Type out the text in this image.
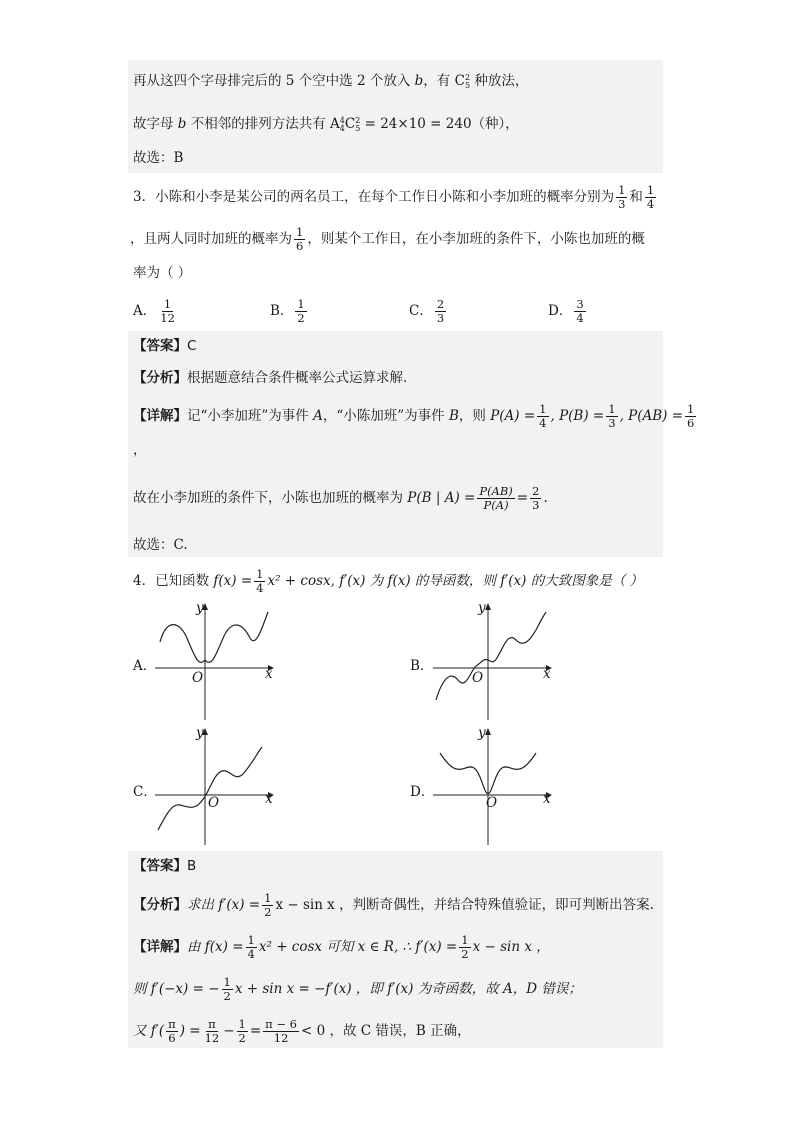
再从这四个字母排完后的 5 个空中选 2 个放入 b，有 C 2
5 种放法，
故字母 b 不相邻的排列方法共有 A 4
4 C 2
5 = 24×10 = 240（种），
故选：B
3．小陈和小李是某公司的两名员工，在每个工作日小陈和小李加班的概率分别为 $\frac{1}{3}$ 和 $\frac{1}{4}$
，且两人同时加班的概率为 $\frac{1}{6}$ ，则某个工作日，在小李加班的条件下，小陈也加班的概
率为（ ）
A． $\frac{1}{12}$	B． $\frac{1}{2}$	C． $\frac{2}{3}$	D． $\frac{3}{4}$
【答案】C
【分析】根据题意结合条件概率公式运算求解.
【详解】记“小李加班”为事件 A，“小陈加班”为事件 B，则 $P(A) = \frac{1}{4}$ , $P(B) = \frac{1}{3}$ , $P(AB) = \frac{1}{6}$
，
故在小李加班的条件下，小陈也加班的概率为 P(B | $A) = \frac{P(AB)}{P(A)} = \frac{2}{3}$ .
故选：C.
4．已知函数 $f(x) = \frac{1}{4} x^2 + \cos x$, f′(x) 为 f(x) 的导函数，则 f′(x) 的大致图象是（ ）
A．
y
x
O
B．
y
x
O
C．
y
x
O
D．
y
x
O
【答案】B
【分析】求出 $f'(x) = \frac{1}{2}$ x − sin x ，判断奇偶性，并结合特殊值验证，即可判断出答案.
【详解】由 $f(x) = \frac{1}{4} x^2 + \cos x$ 可知 x ∈ R, ∴ $f'(x) = \frac{1}{2}$ x − sin x ，
则 f′(−x) = − $\frac{1}{2}$ x + sin x = −f′(x) ，即 f′(x) 为奇函数，故 A，D 错误；
又 $f'( \frac{\pi}{6}$ ) = $\frac{\pi}{12} - \frac{1}{2} = \frac{\pi - 6}{12} < 0$ ，故 C 错误，B 正确，
